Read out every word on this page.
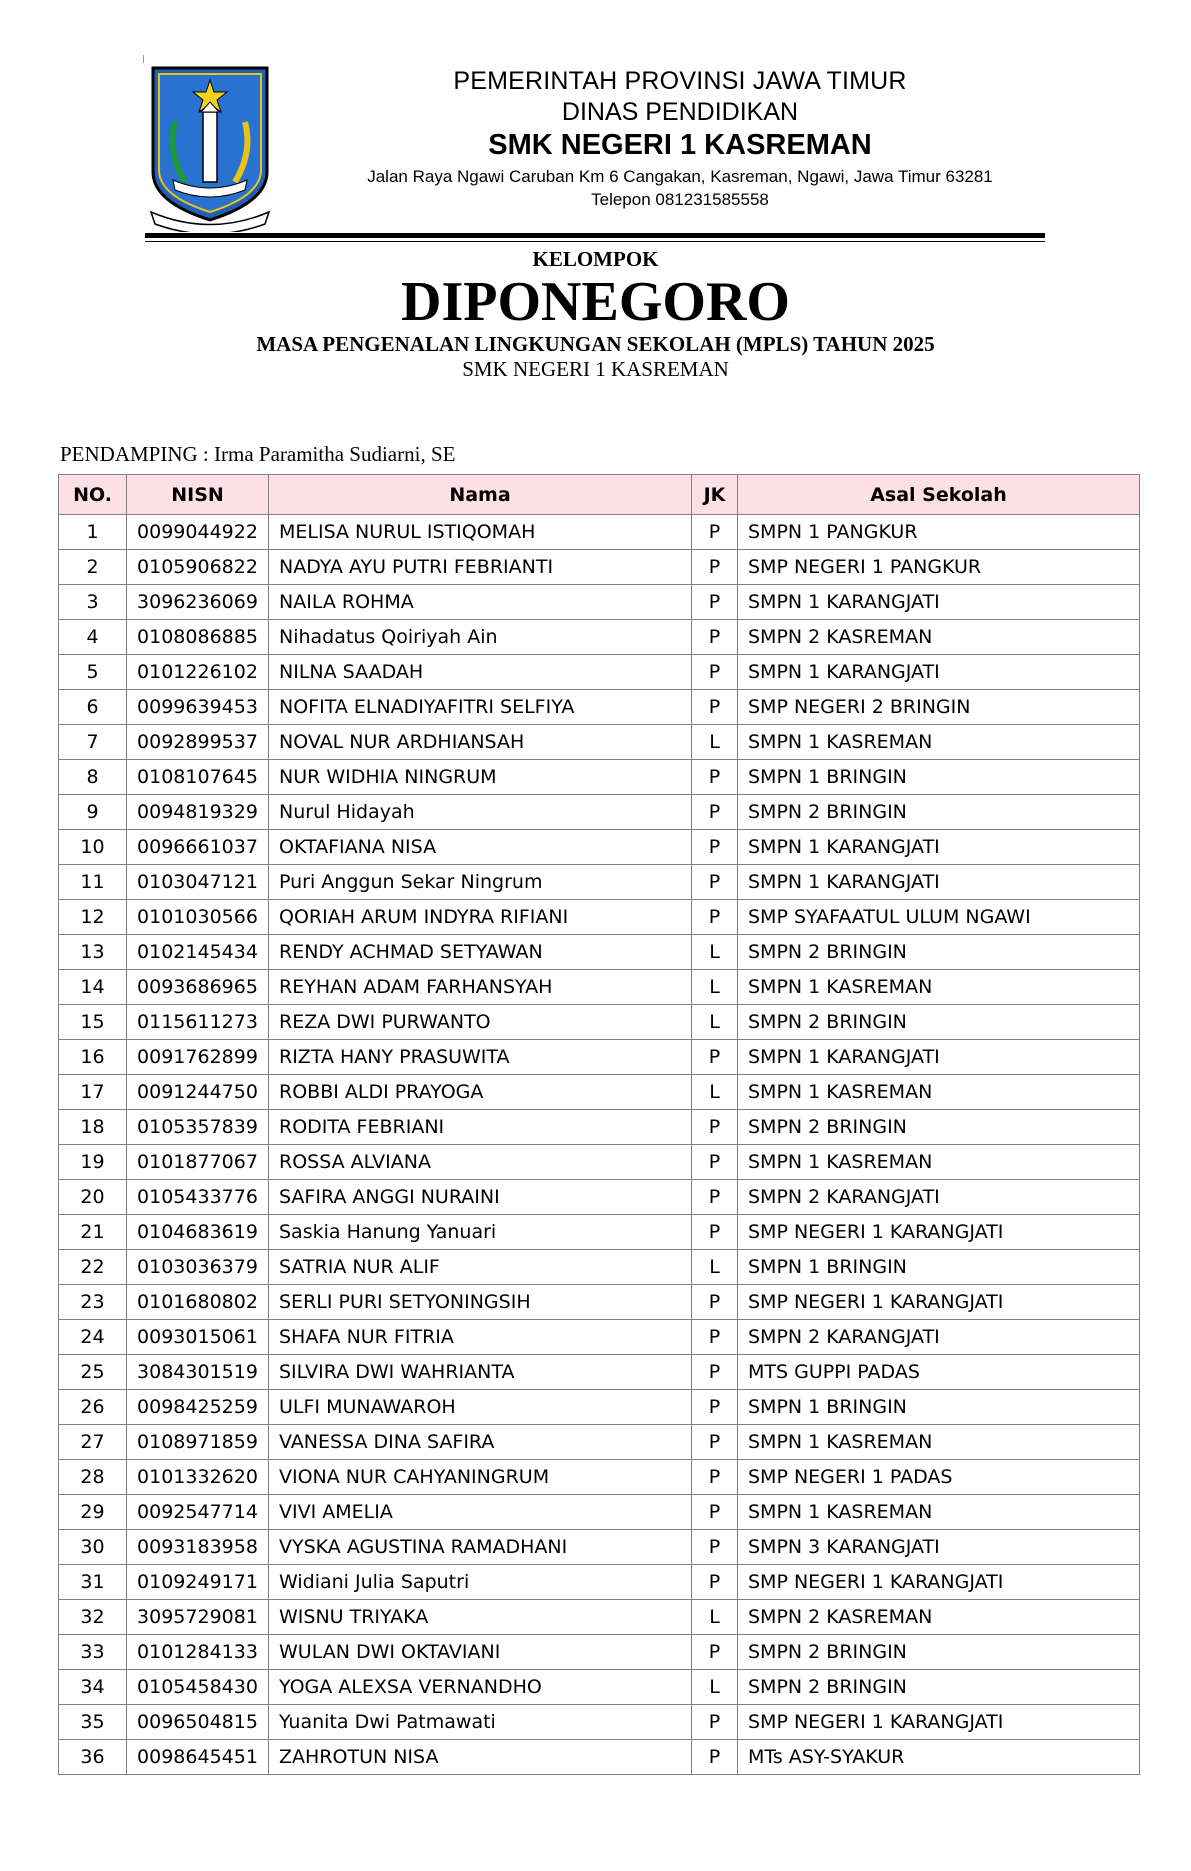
PEMERINTAH PROVINSI JAWA TIMUR
DINAS PENDIDIKAN
SMK NEGERI 1 KASREMAN
Jalan Raya Ngawi Caruban Km 6 Cangakan, Kasreman, Ngawi, Jawa Timur 63281
Telepon 081231585558
KELOMPOK
DIPONEGORO
MASA PENGENALAN LINGKUNGAN SEKOLAH (MPLS) TAHUN 2025
SMK NEGERI 1 KASREMAN
PENDAMPING : Irma Paramitha Sudiarni, SE
NO.	NISN	Nama	JK	Asal Sekolah
1	0099044922	MELISA NURUL ISTIQOMAH	P	SMPN 1 PANGKUR
2	0105906822	NADYA AYU PUTRI FEBRIANTI	P	SMP NEGERI 1 PANGKUR
3	3096236069	NAILA ROHMA	P	SMPN 1 KARANGJATI
4	0108086885	Nihadatus Qoiriyah Ain	P	SMPN 2 KASREMAN
5	0101226102	NILNA SAADAH	P	SMPN 1 KARANGJATI
6	0099639453	NOFITA ELNADIYAFITRI SELFIYA	P	SMP NEGERI 2 BRINGIN
7	0092899537	NOVAL NUR ARDHIANSAH	L	SMPN 1 KASREMAN
8	0108107645	NUR WIDHIA NINGRUM	P	SMPN 1 BRINGIN
9	0094819329	Nurul Hidayah	P	SMPN 2 BRINGIN
10	0096661037	OKTAFIANA NISA	P	SMPN 1 KARANGJATI
11	0103047121	Puri Anggun Sekar Ningrum	P	SMPN 1 KARANGJATI
12	0101030566	QORIAH ARUM INDYRA RIFIANI	P	SMP SYAFAATUL ULUM NGAWI
13	0102145434	RENDY ACHMAD SETYAWAN	L	SMPN 2 BRINGIN
14	0093686965	REYHAN ADAM FARHANSYAH	L	SMPN 1 KASREMAN
15	0115611273	REZA DWI PURWANTO	L	SMPN 2 BRINGIN
16	0091762899	RIZTA HANY PRASUWITA	P	SMPN 1 KARANGJATI
17	0091244750	ROBBI ALDI PRAYOGA	L	SMPN 1 KASREMAN
18	0105357839	RODITA FEBRIANI	P	SMPN 2 BRINGIN
19	0101877067	ROSSA ALVIANA	P	SMPN 1 KASREMAN
20	0105433776	SAFIRA ANGGI NURAINI	P	SMPN 2 KARANGJATI
21	0104683619	Saskia Hanung Yanuari	P	SMP NEGERI 1 KARANGJATI
22	0103036379	SATRIA NUR ALIF	L	SMPN 1 BRINGIN
23	0101680802	SERLI PURI SETYONINGSIH	P	SMP NEGERI 1 KARANGJATI
24	0093015061	SHAFA NUR FITRIA	P	SMPN 2 KARANGJATI
25	3084301519	SILVIRA DWI WAHRIANTA	P	MTS GUPPI PADAS
26	0098425259	ULFI MUNAWAROH	P	SMPN 1 BRINGIN
27	0108971859	VANESSA DINA SAFIRA	P	SMPN 1 KASREMAN
28	0101332620	VIONA NUR CAHYANINGRUM	P	SMP NEGERI 1 PADAS
29	0092547714	VIVI AMELIA	P	SMPN 1 KASREMAN
30	0093183958	VYSKA AGUSTINA RAMADHANI	P	SMPN 3 KARANGJATI
31	0109249171	Widiani Julia Saputri	P	SMP NEGERI 1 KARANGJATI
32	3095729081	WISNU TRIYAKA	L	SMPN 2 KASREMAN
33	0101284133	WULAN DWI OKTAVIANI	P	SMPN 2 BRINGIN
34	0105458430	YOGA ALEXSA VERNANDHO	L	SMPN 2 BRINGIN
35	0096504815	Yuanita Dwi Patmawati	P	SMP NEGERI 1 KARANGJATI
36	0098645451	ZAHROTUN NISA	P	MTs ASY-SYAKUR
